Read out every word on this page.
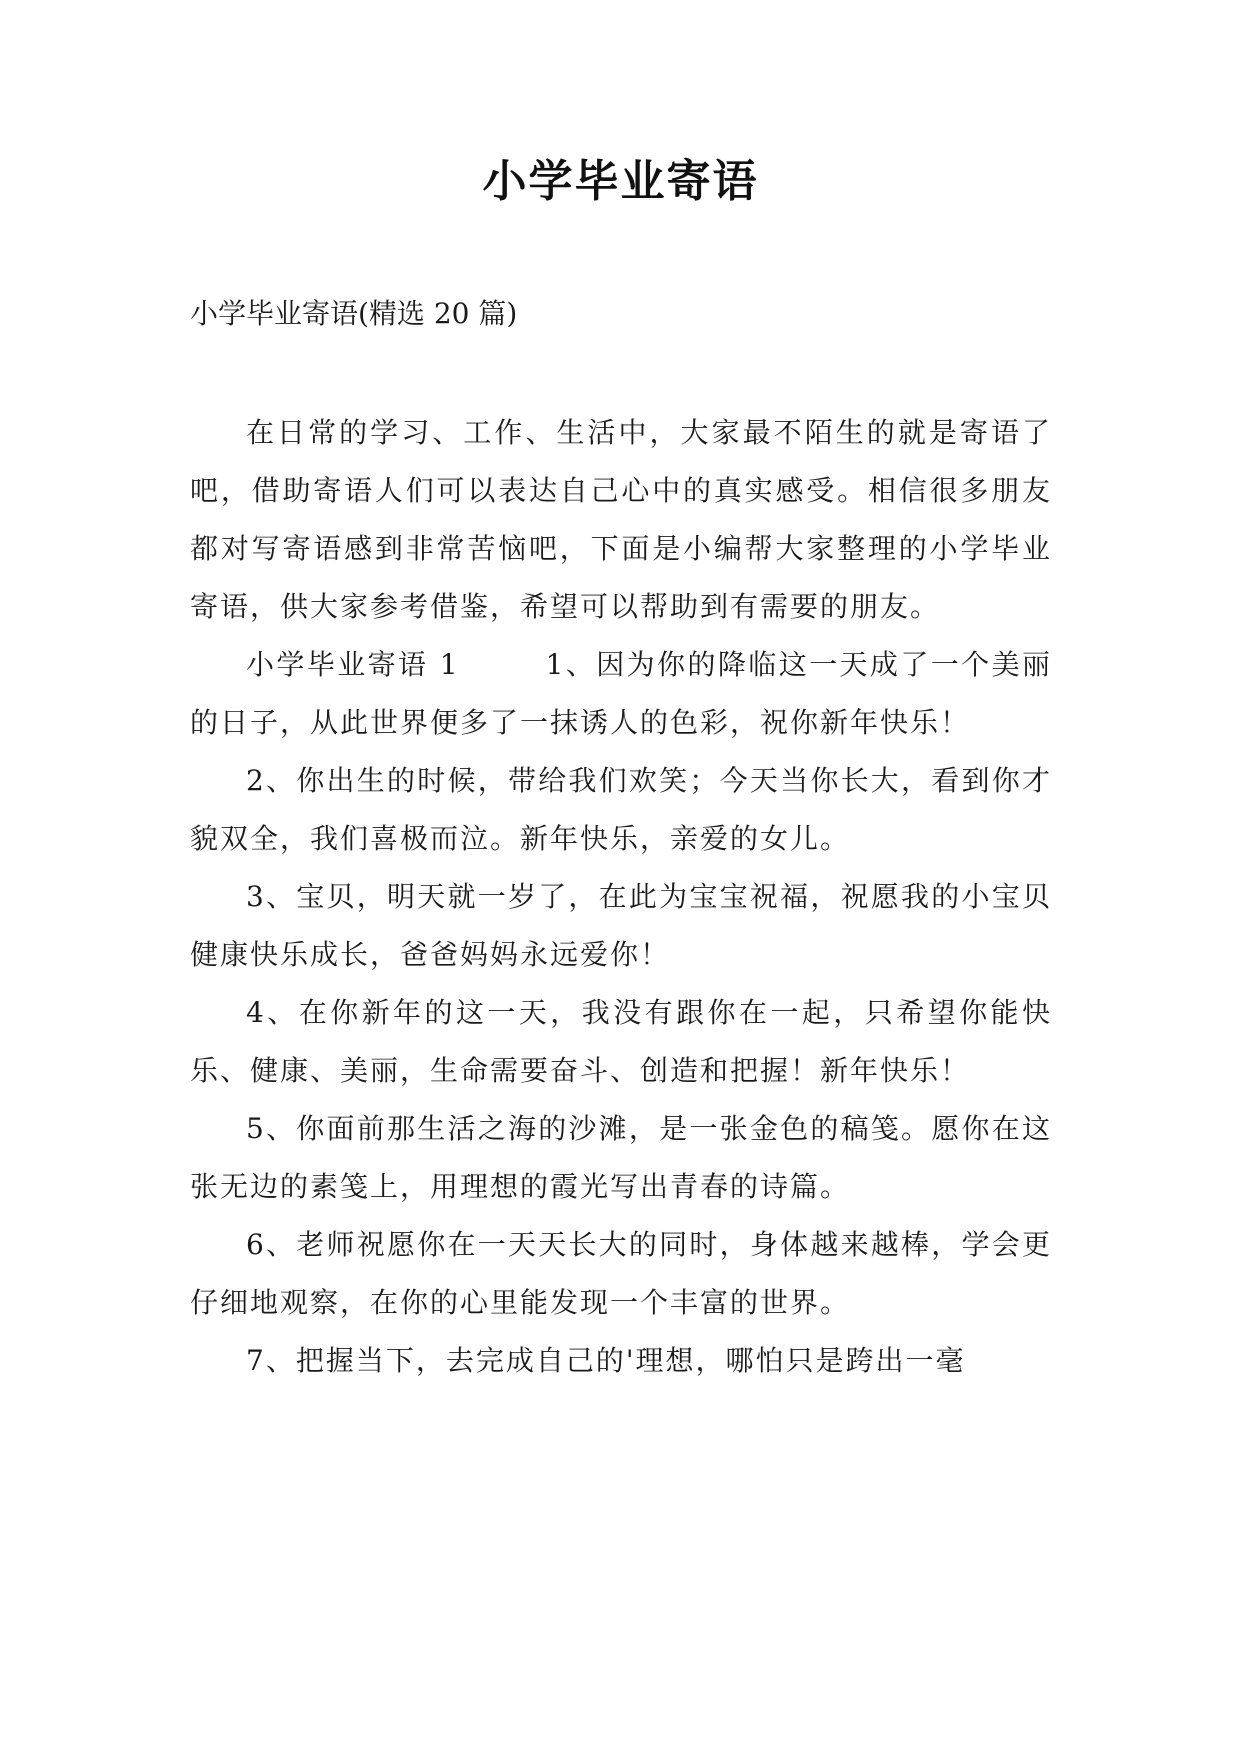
小学毕业寄语
小学毕业寄语(精选 20 篇)

在日常的学习、工作、生活中，大家最不陌生的就是寄语了吧，借助寄语人们可以表达自己心中的真实感受。相信很多朋友都对写寄语感到非常苦恼吧，下面是小编帮大家整理的小学毕业寄语，供大家参考借鉴，希望可以帮助到有需要的朋友。

小学毕业寄语 1	1、因为你的降临这一天成了一个美丽的日子，从此世界便多了一抹诱人的色彩，祝你新年快乐！

2、你出生的时候，带给我们欢笑；今天当你长大，看到你才貌双全，我们喜极而泣。新年快乐，亲爱的女儿。

3、宝贝，明天就一岁了，在此为宝宝祝福，祝愿我的小宝贝健康快乐成长，爸爸妈妈永远爱你！

4、在你新年的这一天，我没有跟你在一起，只希望你能快乐、健康、美丽，生命需要奋斗、创造和把握！新年快乐！

5、你面前那生活之海的沙滩，是一张金色的稿笺。愿你在这张无边的素笺上，用理想的霞光写出青春的诗篇。

6、老师祝愿你在一天天长大的同时，身体越来越棒，学会更仔细地观察，在你的心里能发现一个丰富的世界。

7、把握当下，去完成自己的'理想，哪怕只是跨出一毫
